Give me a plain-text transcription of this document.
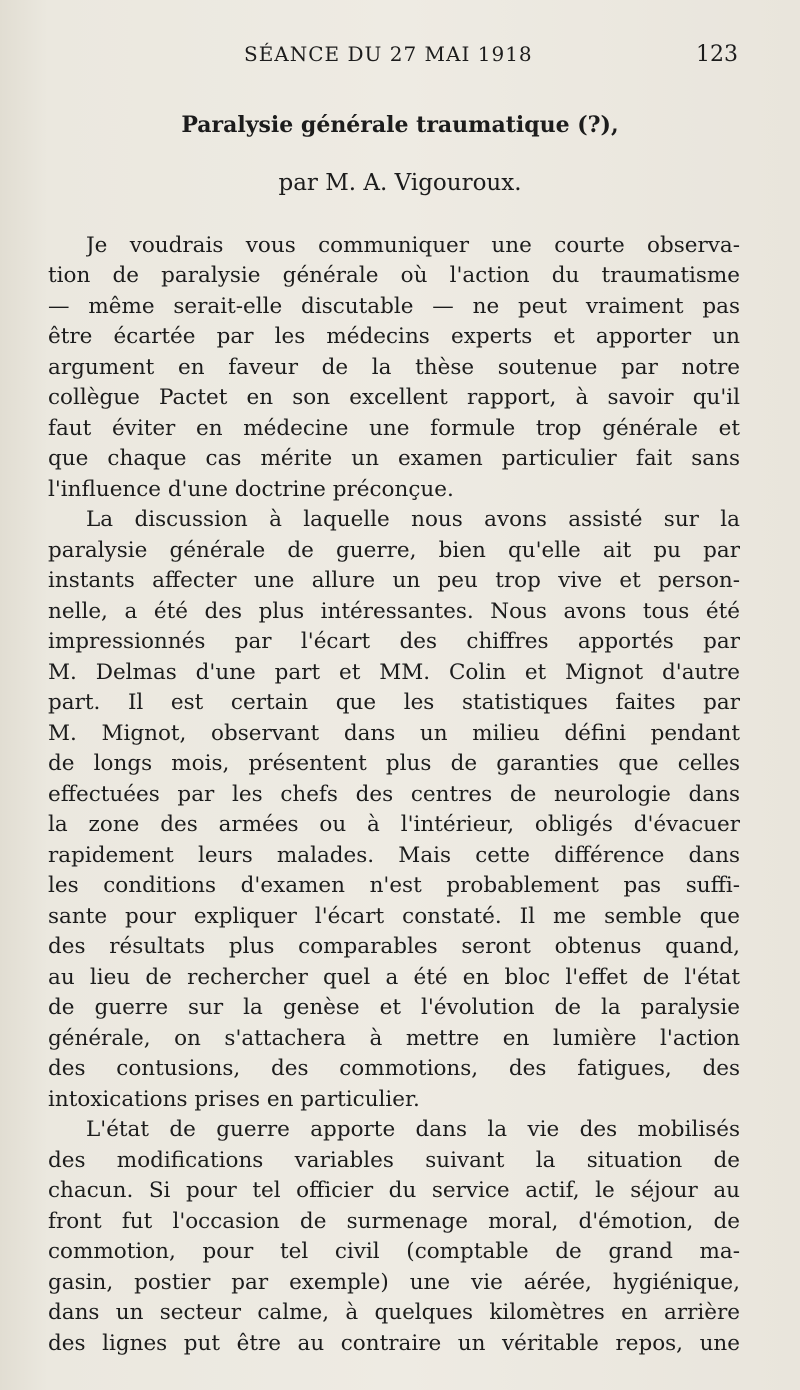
SÉANCE DU 27 MAI 1918	123
Paralysie générale traumatique (?),
par M. A. Vigouroux.
Je voudrais vous communiquer une courte observa-
tion de paralysie générale où l'action du traumatisme
— même serait-elle discutable — ne peut vraiment pas
être écartée par les médecins experts et apporter un
argument en faveur de la thèse soutenue par notre
collègue Pactet en son excellent rapport, à savoir qu'il
faut éviter en médecine une formule trop générale et
que chaque cas mérite un examen particulier fait sans
l'influence d'une doctrine préconçue.
La discussion à laquelle nous avons assisté sur la
paralysie générale de guerre, bien qu'elle ait pu par
instants affecter une allure un peu trop vive et person-
nelle, a été des plus intéressantes. Nous avons tous été
impressionnés par l'écart des chiffres apportés par
M. Delmas d'une part et MM. Colin et Mignot d'autre
part. Il est certain que les statistiques faites par
M. Mignot, observant dans un milieu défini pendant
de longs mois, présentent plus de garanties que celles
effectuées par les chefs des centres de neurologie dans
la zone des armées ou à l'intérieur, obligés d'évacuer
rapidement leurs malades. Mais cette différence dans
les conditions d'examen n'est probablement pas suffi-
sante pour expliquer l'écart constaté. Il me semble que
des résultats plus comparables seront obtenus quand,
au lieu de rechercher quel a été en bloc l'effet de l'état
de guerre sur la genèse et l'évolution de la paralysie
générale, on s'attachera à mettre en lumière l'action
des contusions, des commotions, des fatigues, des
intoxications prises en particulier.
L'état de guerre apporte dans la vie des mobilisés
des modifications variables suivant la situation de
chacun. Si pour tel officier du service actif, le séjour au
front fut l'occasion de surmenage moral, d'émotion, de
commotion, pour tel civil (comptable de grand ma-
gasin, postier par exemple) une vie aérée, hygiénique,
dans un secteur calme, à quelques kilomètres en arrière
des lignes put être au contraire un véritable repos, une
